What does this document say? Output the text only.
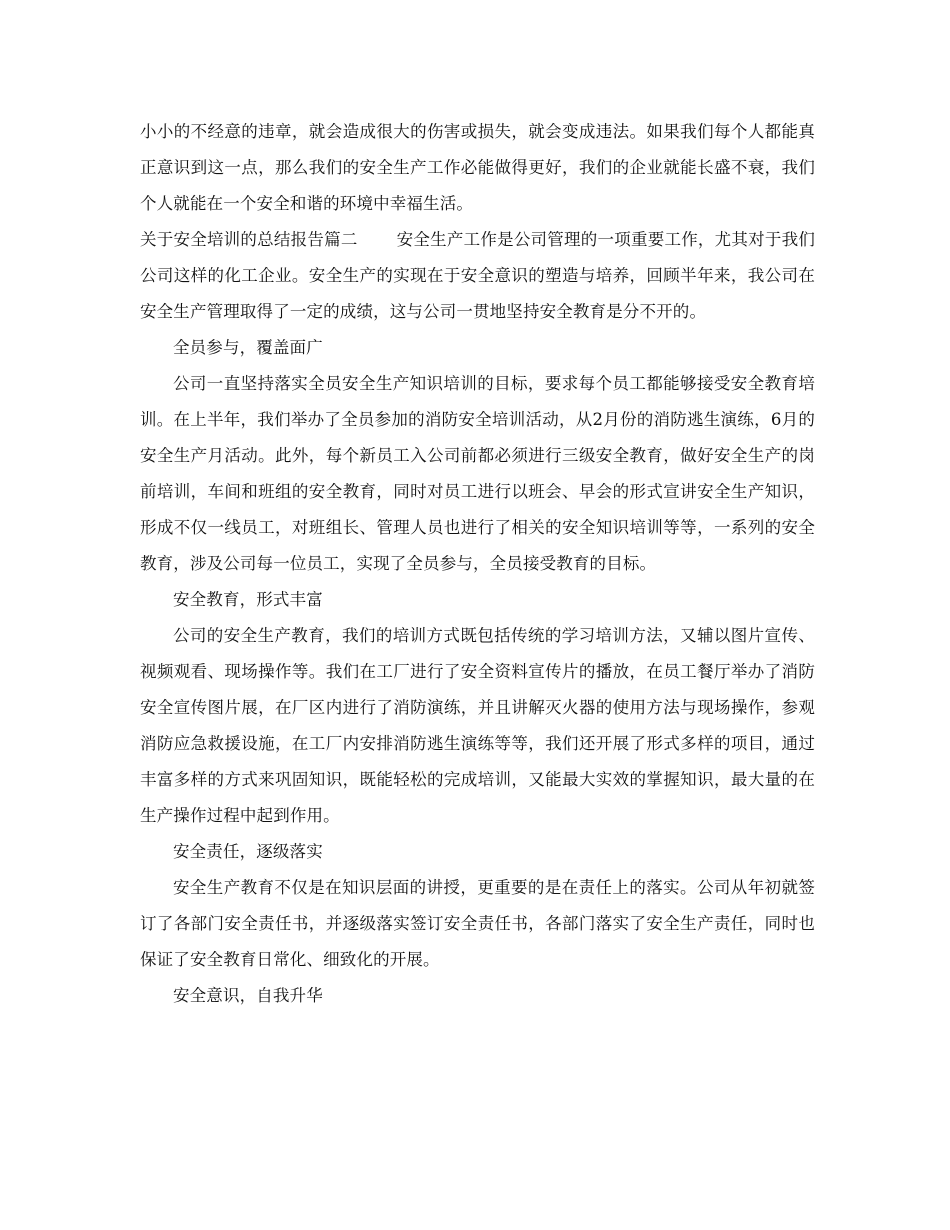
小小的不经意的违章，就会造成很大的伤害或损失，就会变成违法。如果我们每个人都能真正意识到这一点，那么我们的安全生产工作必能做得更好，我们的企业就能长盛不衰，我们个人就能在一个安全和谐的环境中幸福生活。

关于安全培训的总结报告篇二 安全生产工作是公司管理的一项重要工作，尤其对于我们公司这样的化工企业。安全生产的实现在于安全意识的塑造与培养，回顾半年来，我公司在安全生产管理取得了一定的成绩，这与公司一贯地坚持安全教育是分不开的。

全员参与，覆盖面广

公司一直坚持落实全员安全生产知识培训的目标，要求每个员工都能够接受安全教育培训。在上半年，我们举办了全员参加的消防安全培训活动，从2月份的消防逃生演练，6月的安全生产月活动。此外，每个新员工入公司前都必须进行三级安全教育，做好安全生产的岗前培训，车间和班组的安全教育，同时对员工进行以班会、早会的形式宣讲安全生产知识，形成不仅一线员工，对班组长、管理人员也进行了相关的安全知识培训等等，一系列的安全教育，涉及公司每一位员工，实现了全员参与，全员接受教育的目标。

安全教育，形式丰富

公司的安全生产教育，我们的培训方式既包括传统的学习培训方法，又辅以图片宣传、视频观看、现场操作等。我们在工厂进行了安全资料宣传片的播放，在员工餐厅举办了消防安全宣传图片展，在厂区内进行了消防演练，并且讲解灭火器的使用方法与现场操作，参观消防应急救援设施，在工厂内安排消防逃生演练等等，我们还开展了形式多样的项目，通过丰富多样的方式来巩固知识，既能轻松的完成培训，又能最大实效的掌握知识，最大量的在生产操作过程中起到作用。

安全责任，逐级落实

安全生产教育不仅是在知识层面的讲授，更重要的是在责任上的落实。公司从年初就签订了各部门安全责任书，并逐级落实签订安全责任书，各部门落实了安全生产责任，同时也保证了安全教育日常化、细致化的开展。

安全意识，自我升华
